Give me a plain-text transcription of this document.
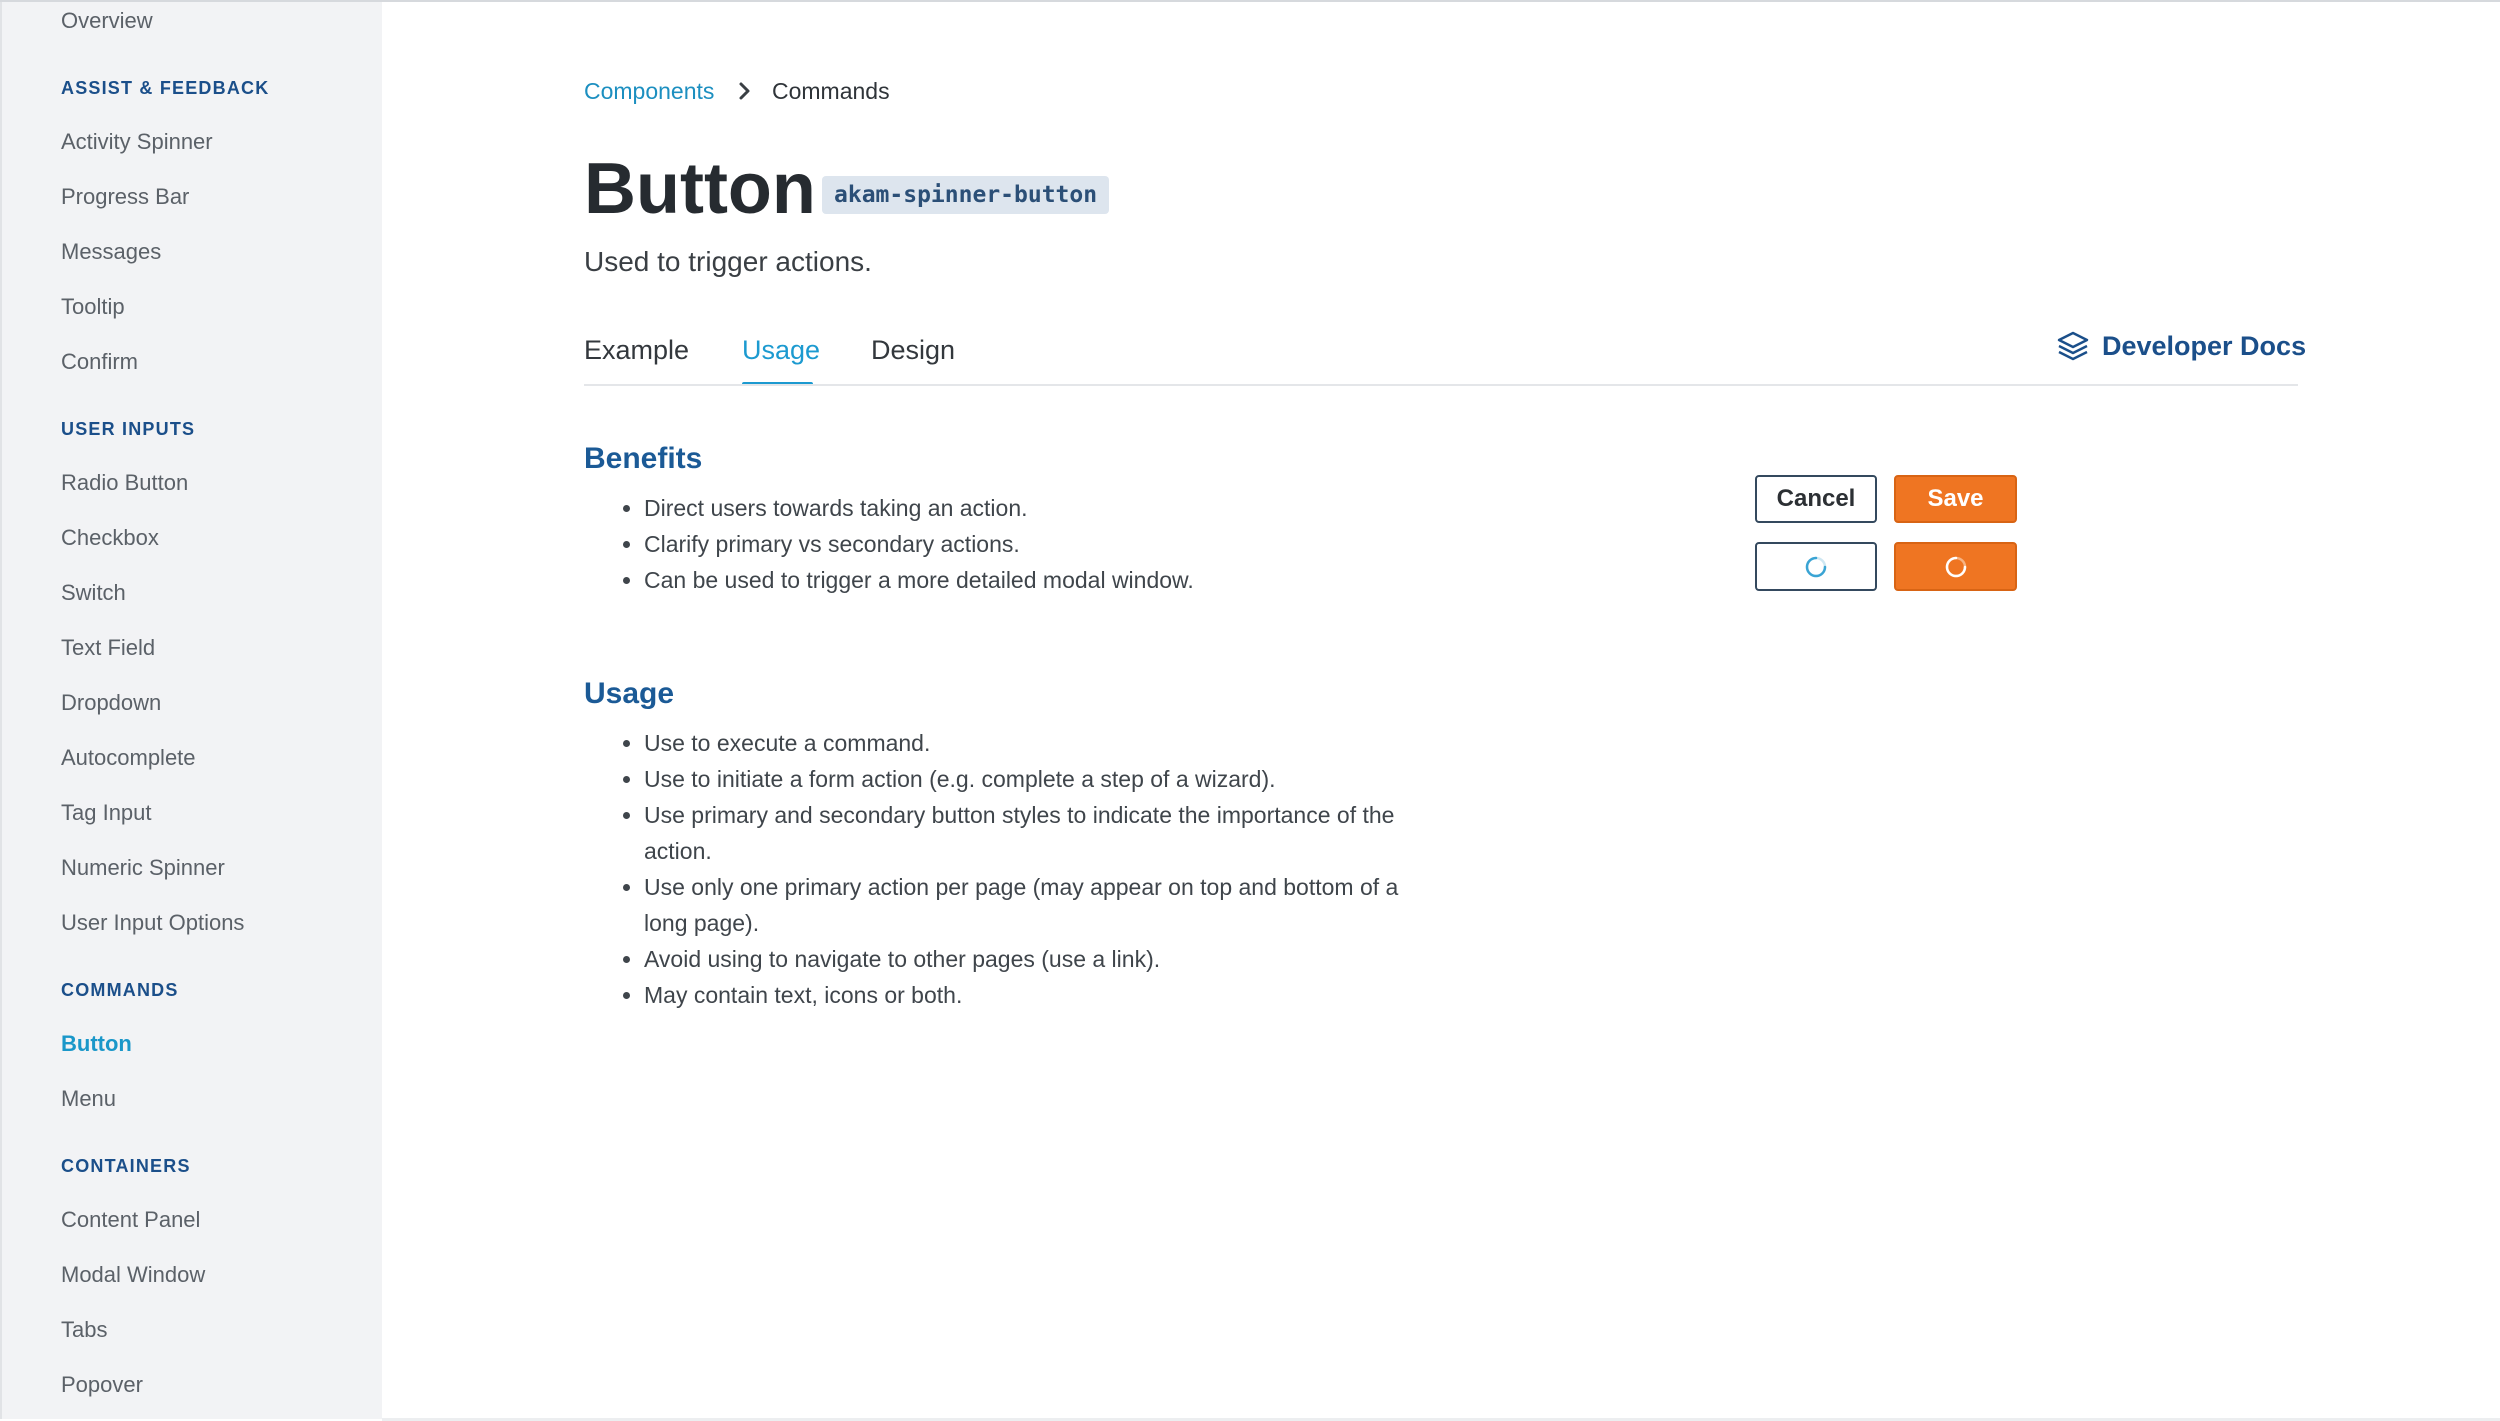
Overview
ASSIST & FEEDBACK
Activity Spinner
Progress Bar
Messages
Tooltip
Confirm
USER INPUTS
Radio Button
Checkbox
Switch
Text Field
Dropdown
Autocomplete
Tag Input
Numeric Spinner
User Input Options
COMMANDS
Button
Menu
CONTAINERS
Content Panel
Modal Window
Tabs
Popover
Components	Commands
Button akam-spinner-button
Used to trigger actions.
Example Usage Design	Developer Docs
Benefits
• Direct users towards taking an action.
• Clarify primary vs secondary actions.
• Can be used to trigger a more detailed modal window.
Usage
• Use to execute a command.
• Use to initiate a form action (e.g. complete a step of a wizard).
• Use primary and secondary button styles to indicate the importance of the action.
• Use only one primary action per page (may appear on top and bottom of a long page).
• Avoid using to navigate to other pages (use a link).
• May contain text, icons or both.
Cancel	Save
